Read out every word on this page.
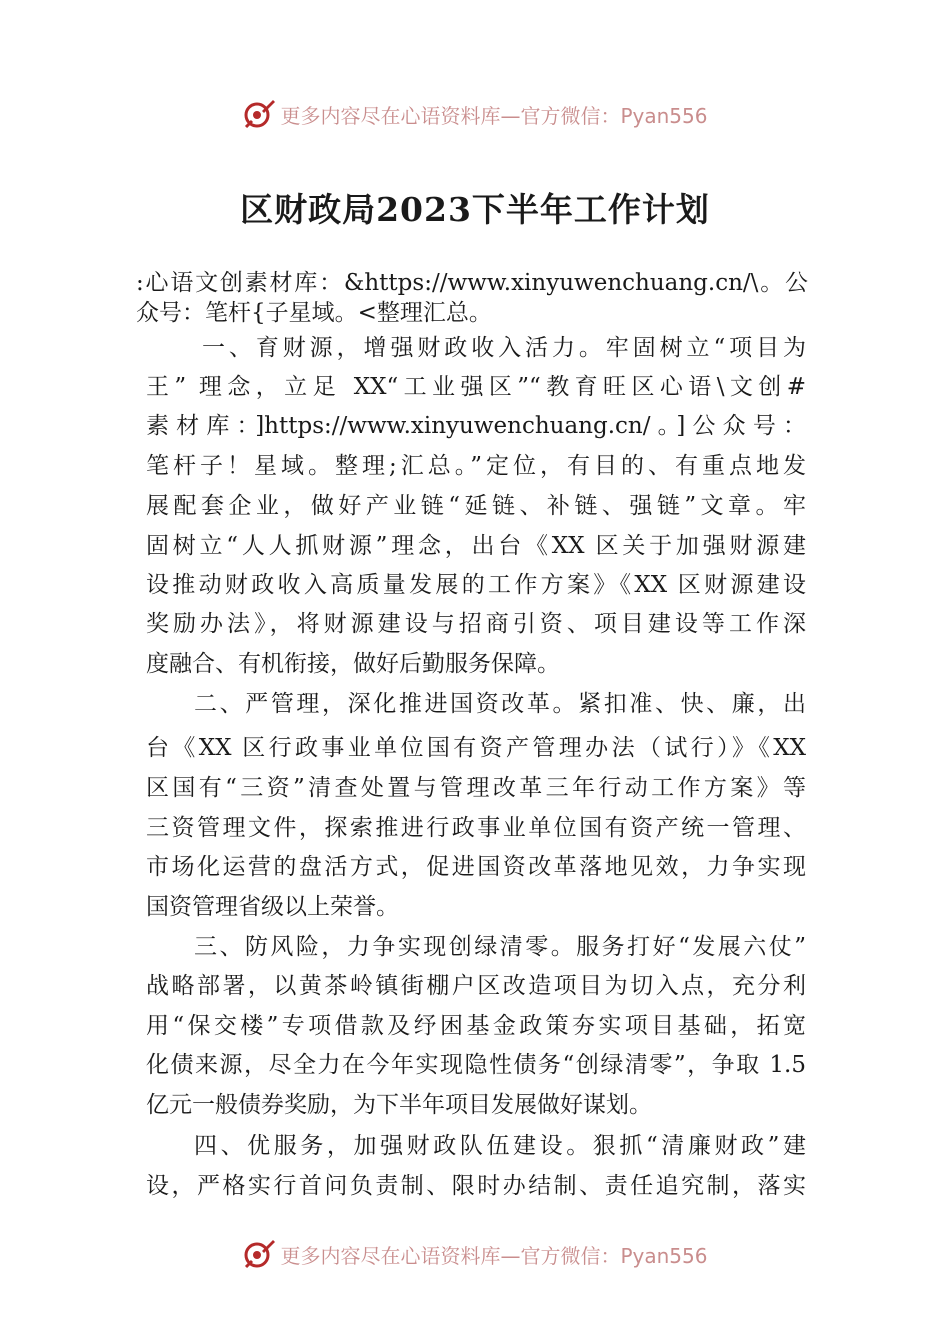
更多内容尽在心语资料库—官方微信：Pyan556
区财政局2023下半年工作计划
:心语文创素材库：&https://www.xinyuwenchuang.cn/\。公
众号：笔杆{子星域。<整理汇总。
一、育财源，增强财政收入活力。牢固树立“项目为
王” 理念，立足 XX“工业强区”“教育旺区心语\文创#
素材库：]https://www.xinyuwenchuang.cn/。]公众号：
笔杆子！星域。整理;汇总。”定位，有目的、有重点地发
展配套企业，做好产业链“延链、补链、强链”文章。牢
固树立“人人抓财源”理念，出台《XX 区关于加强财源建
设推动财政收入高质量发展的工作方案》《XX 区财源建设
奖励办法》，将财源建设与招商引资、项目建设等工作深
度融合、有机衔接，做好后勤服务保障。
二、严管理，深化推进国资改革。紧扣准、快、廉，出
台《XX 区行政事业单位国有资产管理办法（试行）》《XX
区国有“三资”清查处置与管理改革三年行动工作方案》等
三资管理文件，探索推进行政事业单位国有资产统一管理、
市场化运营的盘活方式，促进国资改革落地见效，力争实现
国资管理省级以上荣誉。
三、防风险，力争实现创绿清零。服务打好“发展六仗”
战略部署，以黄茶岭镇街棚户区改造项目为切入点，充分利
用“保交楼”专项借款及纾困基金政策夯实项目基础，拓宽
化债来源，尽全力在今年实现隐性债务“创绿清零”，争取 1.5
亿元一般债券奖励，为下半年项目发展做好谋划。
四、优服务，加强财政队伍建设。狠抓“清廉财政”建
设，严格实行首问负责制、限时办结制、责任追究制，落实
更多内容尽在心语资料库—官方微信：Pyan556
